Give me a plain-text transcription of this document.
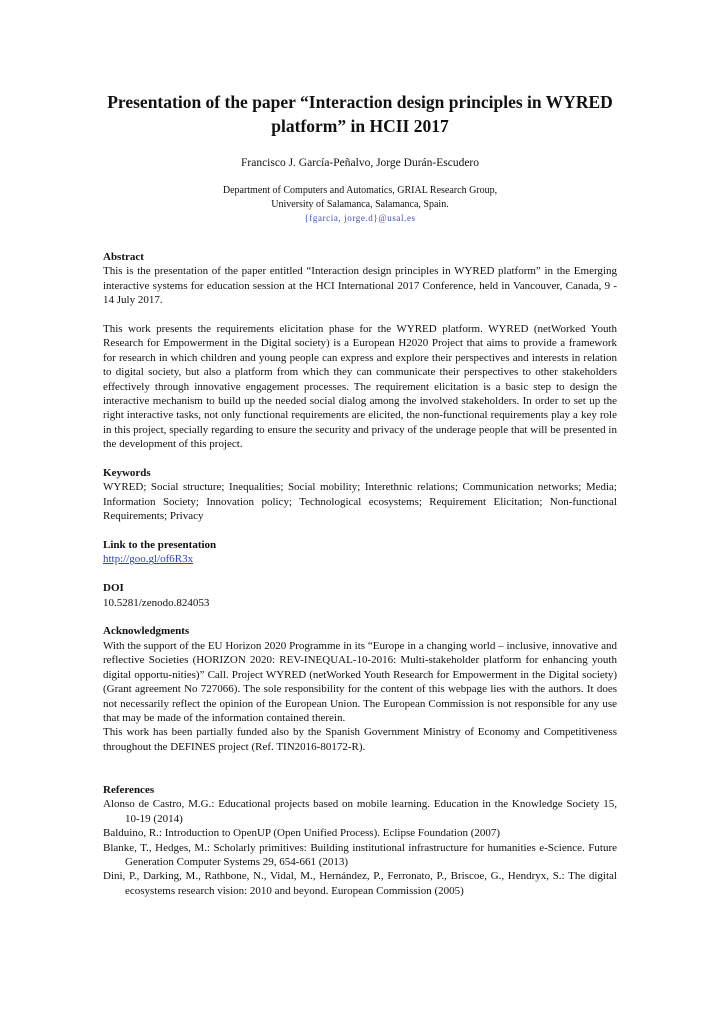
Presentation of the paper “Interaction design principles in WYRED platform” in HCII 2017
Francisco J. García-Peñalvo, Jorge Durán-Escudero
Department of Computers and Automatics, GRIAL Research Group,
University of Salamanca, Salamanca, Spain.
{fgarcia, jorge.d}@usal.es

Abstract

This is the presentation of the paper entitled “Interaction design principles in WYRED platform” in the Emerging interactive systems for education session at the HCI International 2017 Conference, held in Vancouver, Canada, 9 - 14 July 2017.

This work presents the requirements elicitation phase for the WYRED platform. WYRED (netWorked Youth Research for Empowerment in the Digital society) is a European H2020 Project that aims to provide a framework for research in which children and young people can express and explore their perspectives and interests in relation to digital society, but also a platform from which they can communicate their perspectives to other stakeholders effectively through innovative engagement processes. The requirement elicitation is a basic step to design the interactive mechanism to build up the needed social dialog among the involved stakeholders. In order to set up the right interactive tasks, not only functional requirements are elicited, the non-functional requirements play a key role in this project, specially regarding to ensure the security and privacy of the underage people that will be presented in the development of this project.

Keywords

WYRED; Social structure; Inequalities; Social mobility; Interethnic relations; Communication networks; Media; Information Society; Innovation policy; Technological ecosystems; Requirement Elicitation; Non-functional Requirements; Privacy

Link to the presentation

http://goo.gl/of6R3x

DOI

10.5281/zenodo.824053

Acknowledgments

With the support of the EU Horizon 2020 Programme in its “Europe in a changing world – inclusive, innovative and reflective Societies (HORIZON 2020: REV-INEQUAL-10-2016: Multi-stakeholder platform for enhancing youth digital opportu-nities)” Call. Project WYRED (netWorked Youth Research for Empowerment in the Digital society) (Grant agreement No 727066). The sole responsibility for the content of this webpage lies with the authors. It does not necessarily reflect the opinion of the European Union. The European Commission is not responsible for any use that may be made of the information contained therein.

This work has been partially funded also by the Spanish Government Ministry of Economy and Competitiveness throughout the DEFINES project (Ref. TIN2016-80172-R).

References

Alonso de Castro, M.G.: Educational projects based on mobile learning. Education in the Knowledge Society 15, 10-19 (2014)

Balduino, R.: Introduction to OpenUP (Open Unified Process). Eclipse Foundation (2007)

Blanke, T., Hedges, M.: Scholarly primitives: Building institutional infrastructure for humanities e-Science. Future Generation Computer Systems 29, 654-661 (2013)

Dini, P., Darking, M., Rathbone, N., Vidal, M., Hernández, P., Ferronato, P., Briscoe, G., Hendryx, S.: The digital ecosystems research vision: 2010 and beyond. European Commission (2005)
